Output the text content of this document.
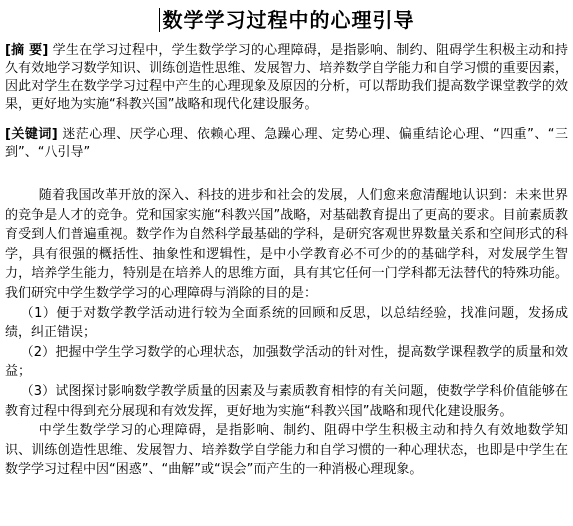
数学学习过程中的心理引导
[摘 要] 学生在学习过程中，学生数学学习的心理障碍，是指影响、制约、阻碍学生积极主动和持久有效地学习数学知识、训练创造性思维、发展智力、培养数学自学能力和自学习惯的重要因素，因此对学生在数学学习过程中产生的心理现象及原因的分析，可以帮助我们提高数学课堂教学的效果，更好地为实施“科教兴国”战略和现代化建设服务。
[关键词] 迷茫心理、厌学心理、依赖心理、急躁心理、定势心理、偏重结论心理、“四重”、“三到”、“八引导”

随着我国改革开放的深入、科技的进步和社会的发展，人们愈来愈清醒地认识到：未来世界的竞争是人才的竞争。党和国家实施“科教兴国”战略，对基础教育提出了更高的要求。目前素质教育受到人们普遍重视。数学作为自然科学最基础的学科，是研究客观世界数量关系和空间形式的科学，具有很强的概括性、抽象性和逻辑性，是中小学教育必不可少的的基础学科，对发展学生智力，培养学生能力，特别是在培养人的思维方面，具有其它任何一门学科都无法替代的特殊功能。我们研究中学生数学学习的心理障碍与消除的目的是：

（1）便于对数学教学活动进行较为全面系统的回顾和反思，以总结经验，找准问题，发扬成绩，纠正错误；

（2）把握中学生学习数学的心理状态，加强数学活动的针对性，提高数学课程教学的质量和效益；

（3）试图探讨影响数学教学质量的因素及与素质教育相悖的有关问题，使数学学科价值能够在教育过程中得到充分展现和有效发挥，更好地为实施“科教兴国”战略和现代化建设服务。

中学生数学学习的心理障碍，是指影响、制约、阻碍中学生积极主动和持久有效地数学知识、训练创造性思维、发展智力、培养数学自学能力和自学习惯的一种心理状态，也即是中学生在数学学习过程中因“困惑”、“曲解”或“误会”而产生的一种消极心理现象。
